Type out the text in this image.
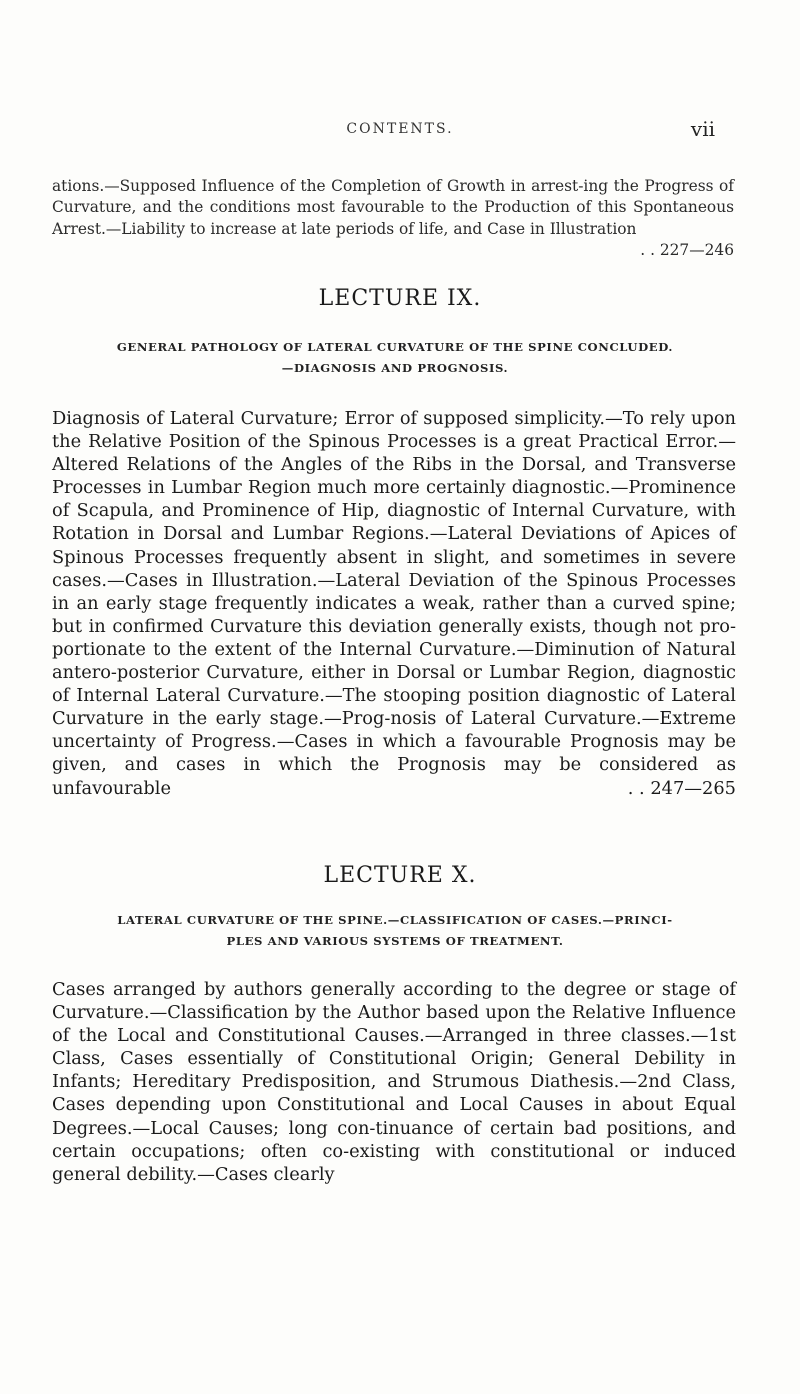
CONTENTS.	vii

ations.—Supposed Influence of the Completion of Growth in arrest-ing the Progress of Curvature, and the conditions most favourable to the Production of this Spontaneous Arrest.—Liability to increase at late periods of life, and Case in Illustration
. . 227—246

LECTURE IX.
GENERAL PATHOLOGY OF LATERAL CURVATURE OF THE SPINE CONCLUDED.
—DIAGNOSIS AND PROGNOSIS.

Diagnosis of Lateral Curvature; Error of supposed simplicity.—To rely upon the Relative Position of the Spinous Processes is a great Practical Error.—Altered Relations of the Angles of the Ribs in the Dorsal, and Transverse Processes in Lumbar Region much more certainly diagnostic.—Prominence of Scapula, and Prominence of Hip, diagnostic of Internal Curvature, with Rotation in Dorsal and Lumbar Regions.—Lateral Deviations of Apices of Spinous Processes frequently absent in slight, and sometimes in severe cases.—Cases in Illustration.—Lateral Deviation of the Spinous Processes in an early stage frequently indicates a weak, rather than a curved spine; but in confirmed Curvature this deviation generally exists, though not pro-portionate to the extent of the Internal Curvature.—Diminution of Natural antero-posterior Curvature, either in Dorsal or Lumbar Region, diagnostic of Internal Lateral Curvature.—The stooping position diagnostic of Lateral Curvature in the early stage.—Prog-nosis of Lateral Curvature.—Extreme uncertainty of Progress.—Cases in which a favourable Prognosis may be given, and cases in which the Prognosis may be considered as unfavourable	. . 247—265

LECTURE X.
LATERAL CURVATURE OF THE SPINE.—CLASSIFICATION OF CASES.—PRINCI-
PLES AND VARIOUS SYSTEMS OF TREATMENT.

Cases arranged by authors generally according to the degree or stage of Curvature.—Classification by the Author based upon the Relative Influence of the Local and Constitutional Causes.—Arranged in three classes.—1st Class, Cases essentially of Constitutional Origin; General Debility in Infants; Hereditary Predisposition, and Strumous Diathesis.—2nd Class, Cases depending upon Constitutional and Local Causes in about Equal Degrees.—Local Causes; long con-tinuance of certain bad positions, and certain occupations; often co-existing with constitutional or induced general debility.—Cases clearly
